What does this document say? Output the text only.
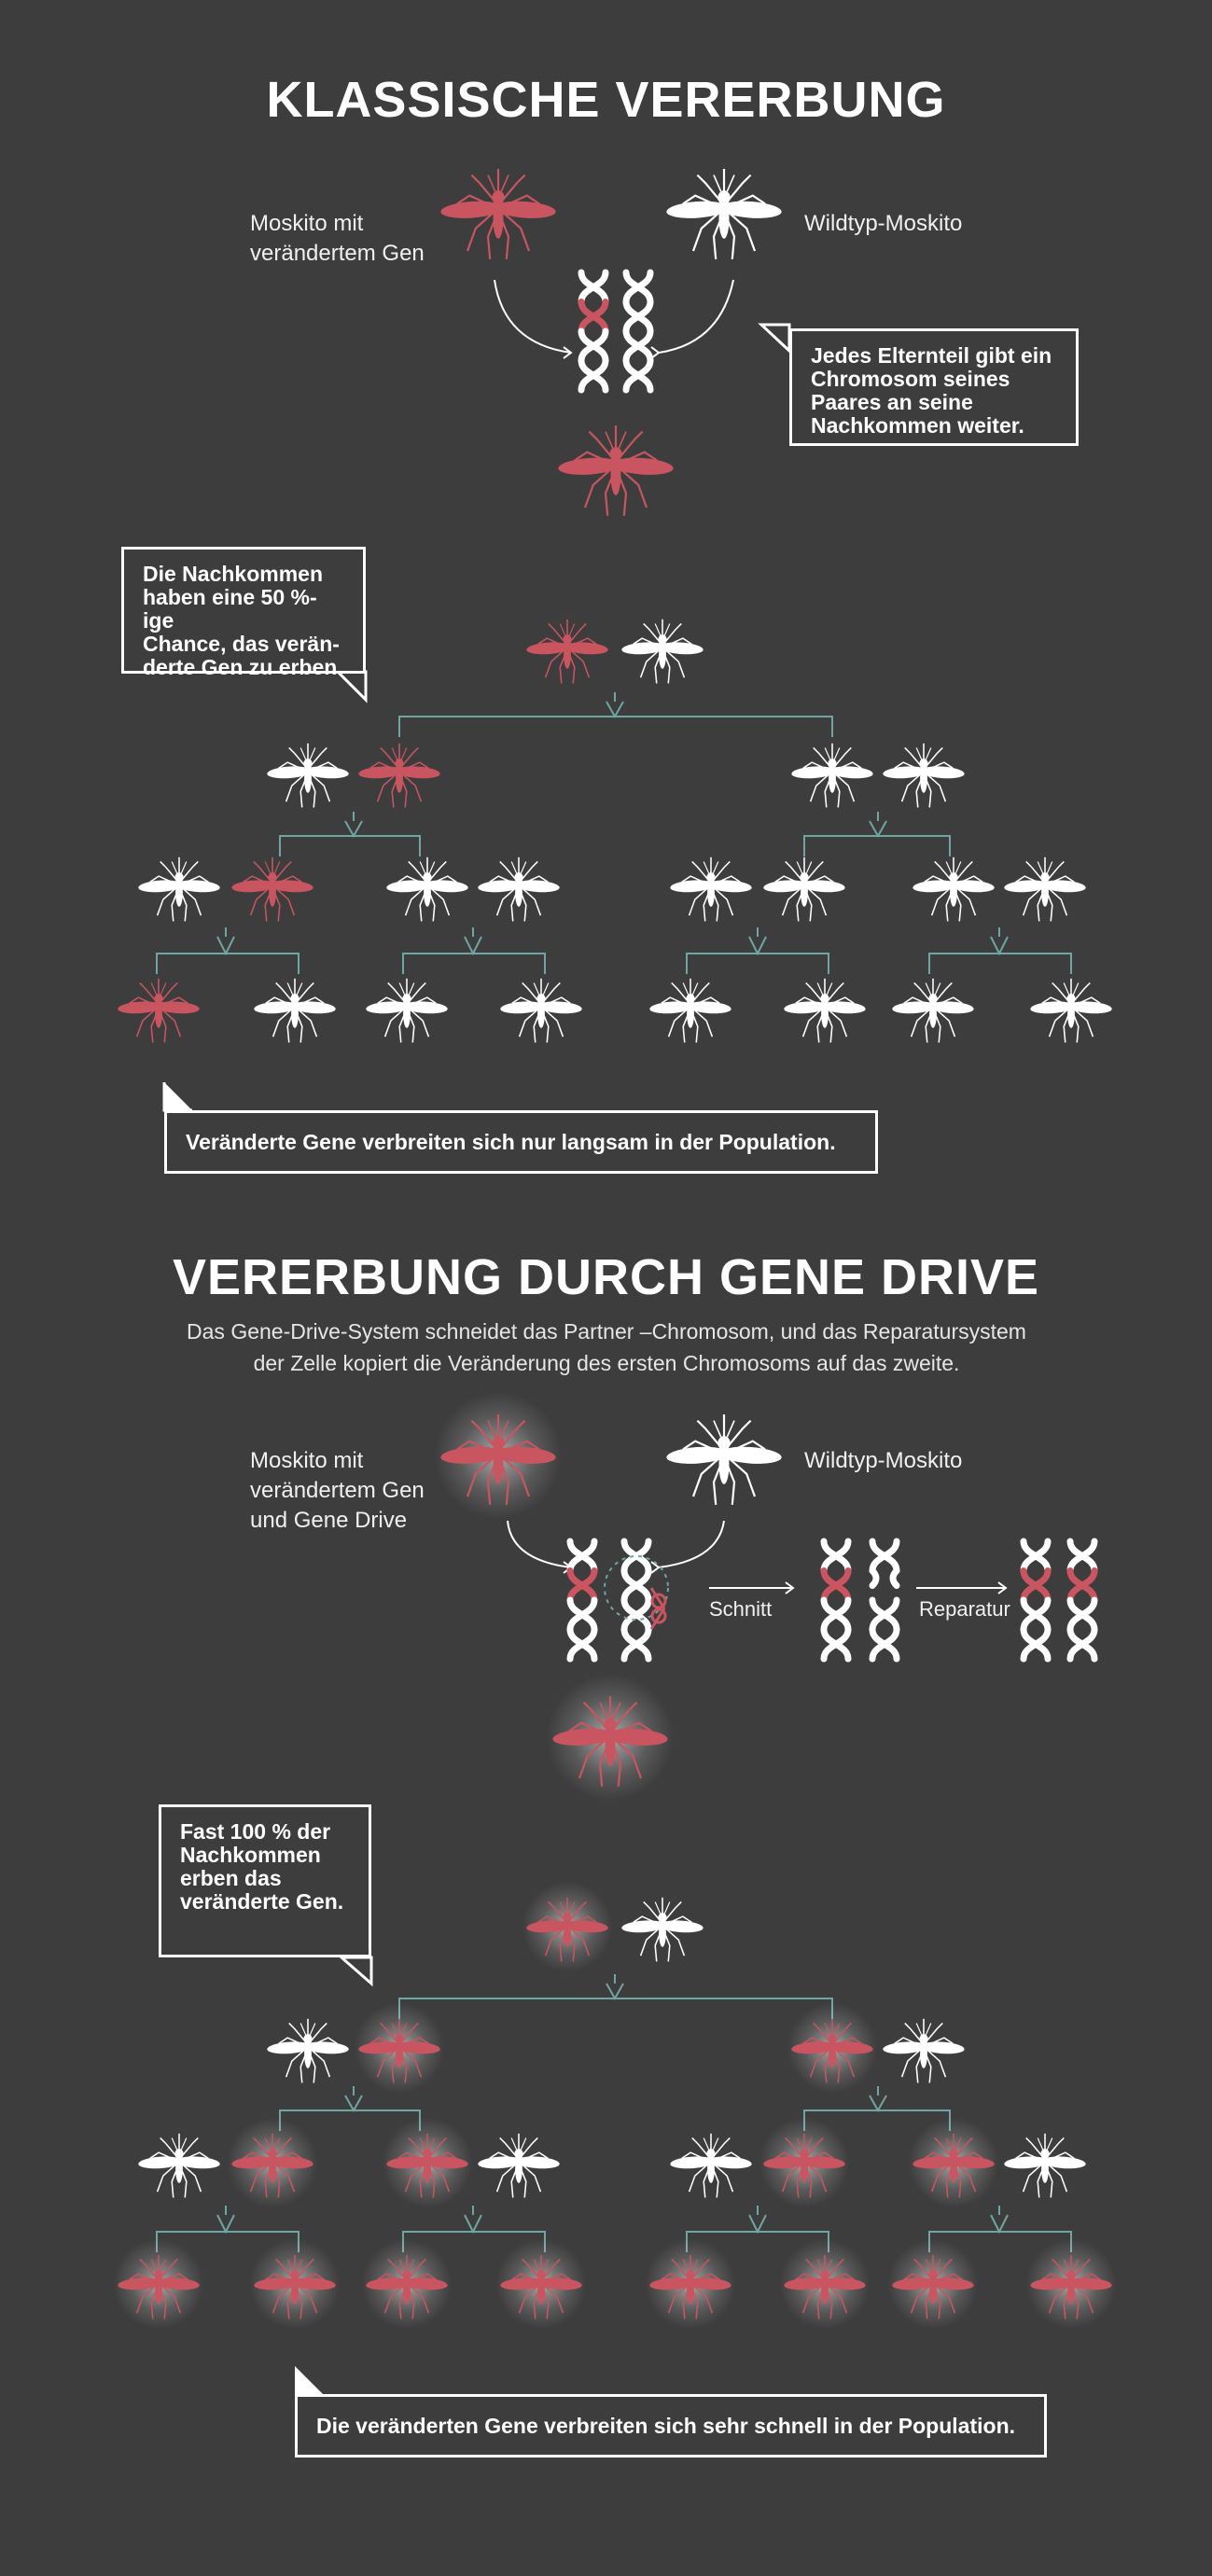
KLASSISCHE VERERBUNG
Moskito mit
verändertem Gen
Wildtyp-Moskito
Jedes Elternteil gibt ein
Chromosom seines
Paares an seine
Nachkommen weiter.
Die Nachkommen
haben eine 50 %-ige
Chance, das verän-
derte Gen zu erben.
Veränderte Gene verbreiten sich nur langsam in der Population.
VERERBUNG DURCH GENE DRIVE
Das Gene-Drive-System schneidet das Partner –Chromosom, und das Reparatursystem
der Zelle kopiert die Veränderung des ersten Chromosoms auf das zweite.
Moskito mit
verändertem Gen
und Gene Drive
Wildtyp-Moskito
Schnitt	Reparatur
Fast 100 % der
Nachkommen
erben das
veränderte Gen.
Die veränderten Gene verbreiten sich sehr schnell in der Population.
